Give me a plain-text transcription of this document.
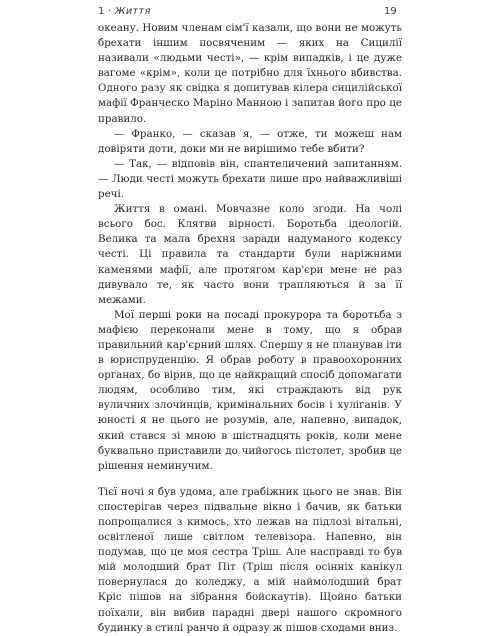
1 · Життя	19

океану. Новим членам сім'ї казали, що вони не можуть брехати іншим посвяченим — яких на Сицилії називали «людьми честі», — крім випадків, і це дуже вагоме «крім», коли це потрібно для їхнього вбивства. Одного разу як свідка я допитував кілера сицилійської мафії Франческо Маріно Манною і запитав його про це правило.

— Франко, — сказав я, — отже, ти можеш нам довіряти доти, доки ми не вирішимо тебе вбити?

— Так, — відповів він, спантеличений запитанням. — Люди честі можуть брехати лише про найважливіші речі.

Життя в омані. Мовчазне коло згоди. На чолі всього бос. Клятви вірності. Боротьба ідеологій. Велика та мала брехня заради надуманого кодексу честі. Ці правила та стандарти були наріжними каменями мафії, але протягом кар'єри мене не раз дивувало те, як часто вони трапляються й за її межами.

Мої перші роки на посаді прокурора та боротьба з мафією переконали мене в тому, що я обрав правильний кар'єрний шлях. Спершу я не планував іти в юриспруденцію. Я обрав роботу в правоохоронних органах, бо вірив, що це найкращий спосіб допомагати людям, особливо тим, які страждають від рук вуличних злочинців, кримінальних босів і хуліганів. У юності я не цього не розумів, але, напевно, випадок, який стався зі мною в шістнадцять років, коли мене буквально приставили до чийогось пістолет, зробив це рішення неминучим.

Тієї ночі я був удома, але грабіжник цього не знав. Він спостерігав через підвальне вікно і бачив, як батьки попрощалися з кимось, хто лежав на підлозі вітальні, освітленої лише світлом телевізора. Напевно, він подумав, що це моя сестра Тріш. Але насправді то був мій молодший брат Піт (Тріш після осінніх канікул повернулася до коледжу, а мій наймолодший брат Кріс пішов на зібрання бойскаутів). Щойно батьки поїхали, він вибив парадні двері нашого скромного будинку в стилі ранчо й одразу ж пішов сходами вниз.
